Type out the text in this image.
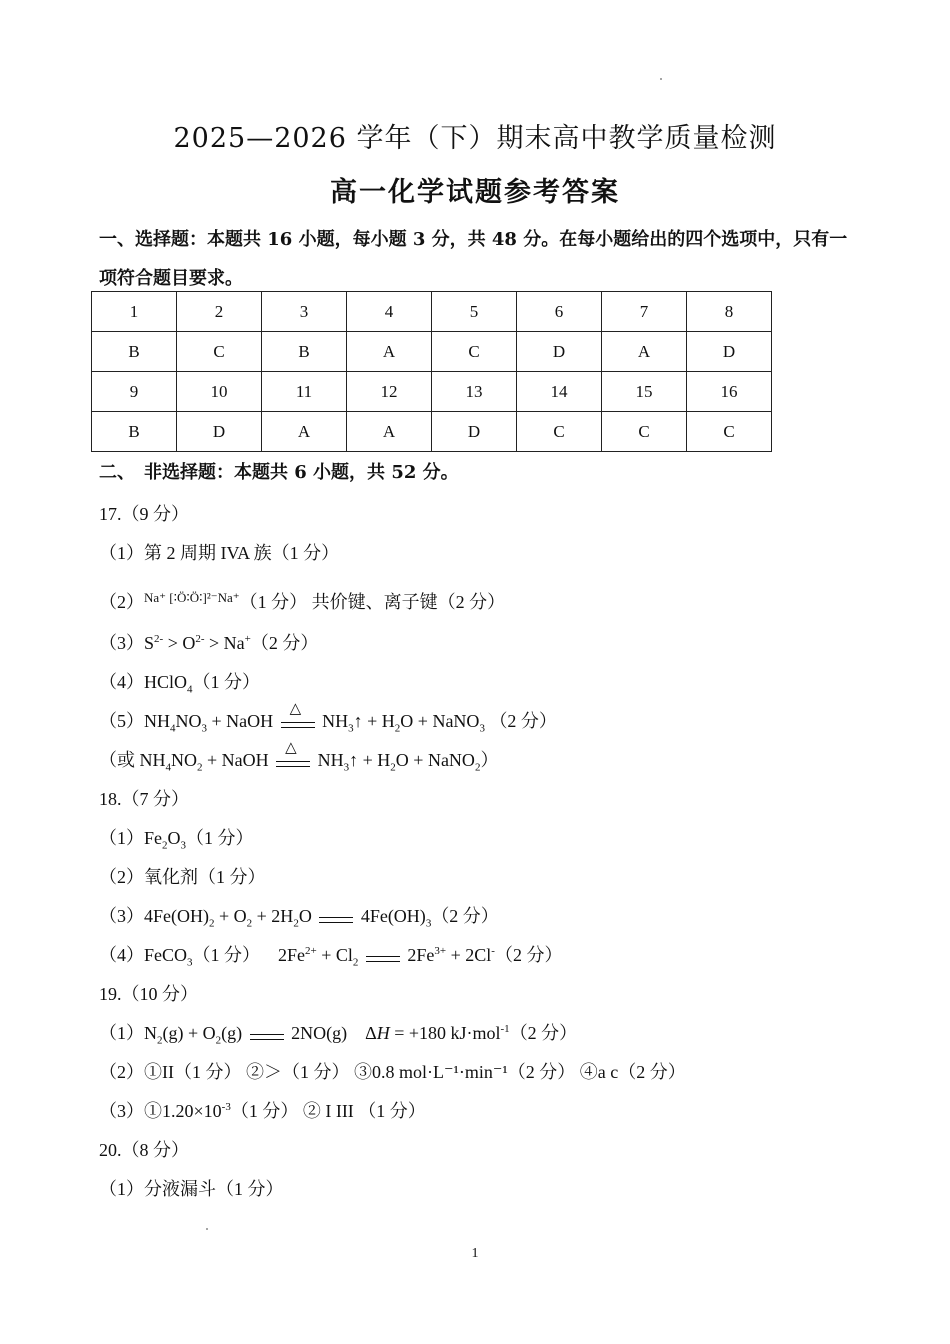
2025—2026 学年（下）期末高中教学质量检测
高一化学试题参考答案
一、选择题：本题共 16 小题，每小题 3 分，共 48 分。在每小题给出的四个选项中，只有一项符合题目要求。
1	2	3	4	5	6	7	8
B	C	B	A	C	D	A	D
9	10	11	12	13	14	15	16
B	D	A	A	D	C	C	C
二、　非选择题：本题共 6 小题，共 52 分。
17.（9 分）
（1）第 2 周期 IVA 族（1 分）
$(2)^{Na^+ [∶Ö∶Ö∶]^{2-}Na^+}(1$ 分） 共价键、离子键（2 分）
$(3)S^{2-} > O^{2-} > Na^+(2$ 分）
（4）HClO$_4$（1 分）
$(5)NH_4NO_3$ + NaOH
△
$NH_3↑ + H_2O$ + NaNO$_3$ （2 分）
（或 $NH_4NO_2$ + NaOH
△
$NH_3↑ + H_2O$ + NaNO$_2$）
18.（7 分）
$(1)Fe_2O_3(1$ 分）
（2）氧化剂（1 分）
$(3)4Fe(OH)_2 + O_2 + 2H_2O$
$4Fe(OH)_3(2$ 分）
（4）FeCO$_3$（1 分）    $2Fe^{2+} + Cl_2$
$2Fe^{3+} + 2Cl^-(2$ 分）
19.（10 分）
$(1)N_2(g) + O_2(g)$
2NO(g)    ΔH = +180 kJ·mol$^{-1}$（2 分）
（2）①II（1 分） ②＞（1 分） ③0.8 mol·L⁻¹·min⁻¹（2 分） ④a c（2 分）
$(3)①1.20\times 10^{-3}(1$ 分） ② I III （1 分）
20.（8 分）
（1）分液漏斗（1 分）
1
